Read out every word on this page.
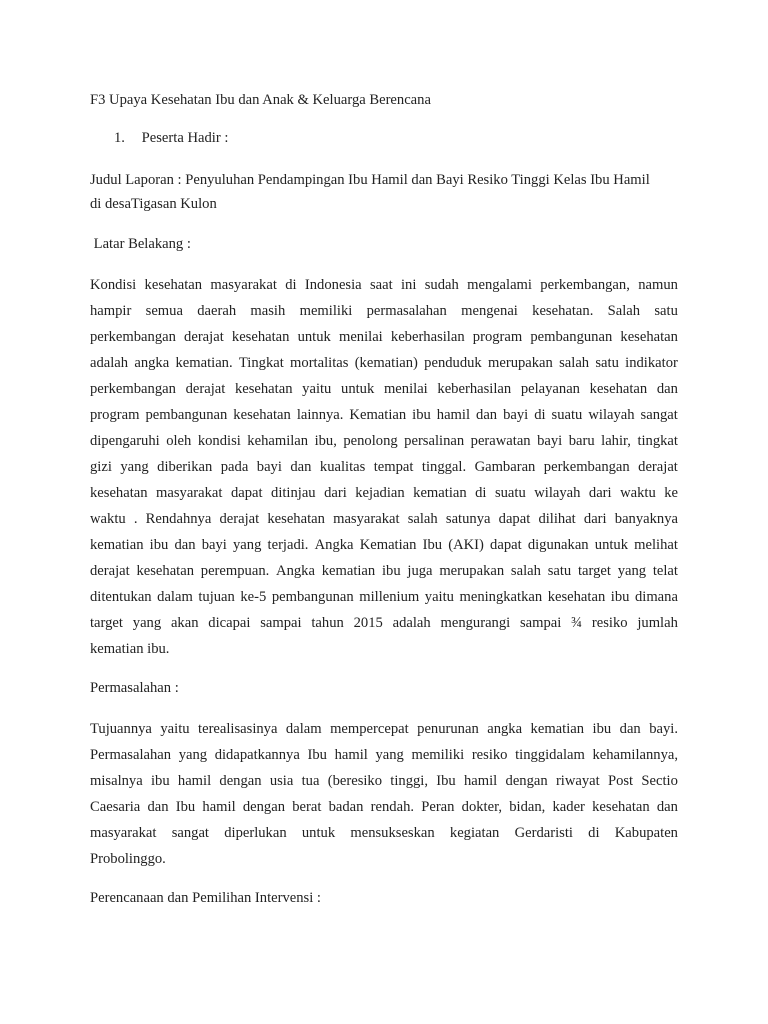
F3 Upaya Kesehatan Ibu dan Anak & Keluarga Berencana
1. Peserta Hadir :
Judul Laporan : Penyuluhan Pendampingan Ibu Hamil dan Bayi Resiko Tinggi Kelas Ibu Hamil
di desaTigasan Kulon
Latar Belakang :
Kondisi kesehatan masyarakat di Indonesia saat ini sudah mengalami perkembangan, namun
hampir semua daerah masih memiliki permasalahan mengenai kesehatan. Salah satu
perkembangan derajat kesehatan untuk menilai keberhasilan program pembangunan kesehatan
adalah angka kematian. Tingkat mortalitas (kematian) penduduk merupakan salah satu indikator
perkembangan derajat kesehatan yaitu untuk menilai keberhasilan pelayanan kesehatan dan
program pembangunan kesehatan lainnya. Kematian ibu hamil dan bayi di suatu wilayah sangat
dipengaruhi oleh kondisi kehamilan ibu, penolong persalinan perawatan bayi baru lahir, tingkat
gizi yang diberikan pada bayi dan kualitas tempat tinggal. Gambaran perkembangan derajat
kesehatan masyarakat dapat ditinjau dari kejadian kematian di suatu wilayah dari waktu ke
waktu . Rendahnya derajat kesehatan masyarakat salah satunya dapat dilihat dari banyaknya
kematian ibu dan bayi yang terjadi. Angka Kematian Ibu (AKI) dapat digunakan untuk melihat
derajat kesehatan perempuan. Angka kematian ibu juga merupakan salah satu target yang telat
ditentukan dalam tujuan ke-5 pembangunan millenium yaitu meningkatkan kesehatan ibu dimana
target yang akan dicapai sampai tahun 2015 adalah mengurangi sampai ¾ resiko jumlah
kematian ibu.
Permasalahan :
Tujuannya yaitu terealisasinya dalam mempercepat penurunan angka kematian ibu dan bayi.
Permasalahan yang didapatkannya Ibu hamil yang memiliki resiko tinggidalam kehamilannya,
misalnya ibu hamil dengan usia tua (beresiko tinggi, Ibu hamil dengan riwayat Post Sectio
Caesaria dan Ibu hamil dengan berat badan rendah. Peran dokter, bidan, kader kesehatan dan
masyarakat sangat diperlukan untuk mensukseskan kegiatan Gerdaristi di Kabupaten
Probolinggo.
Perencanaan dan Pemilihan Intervensi :
